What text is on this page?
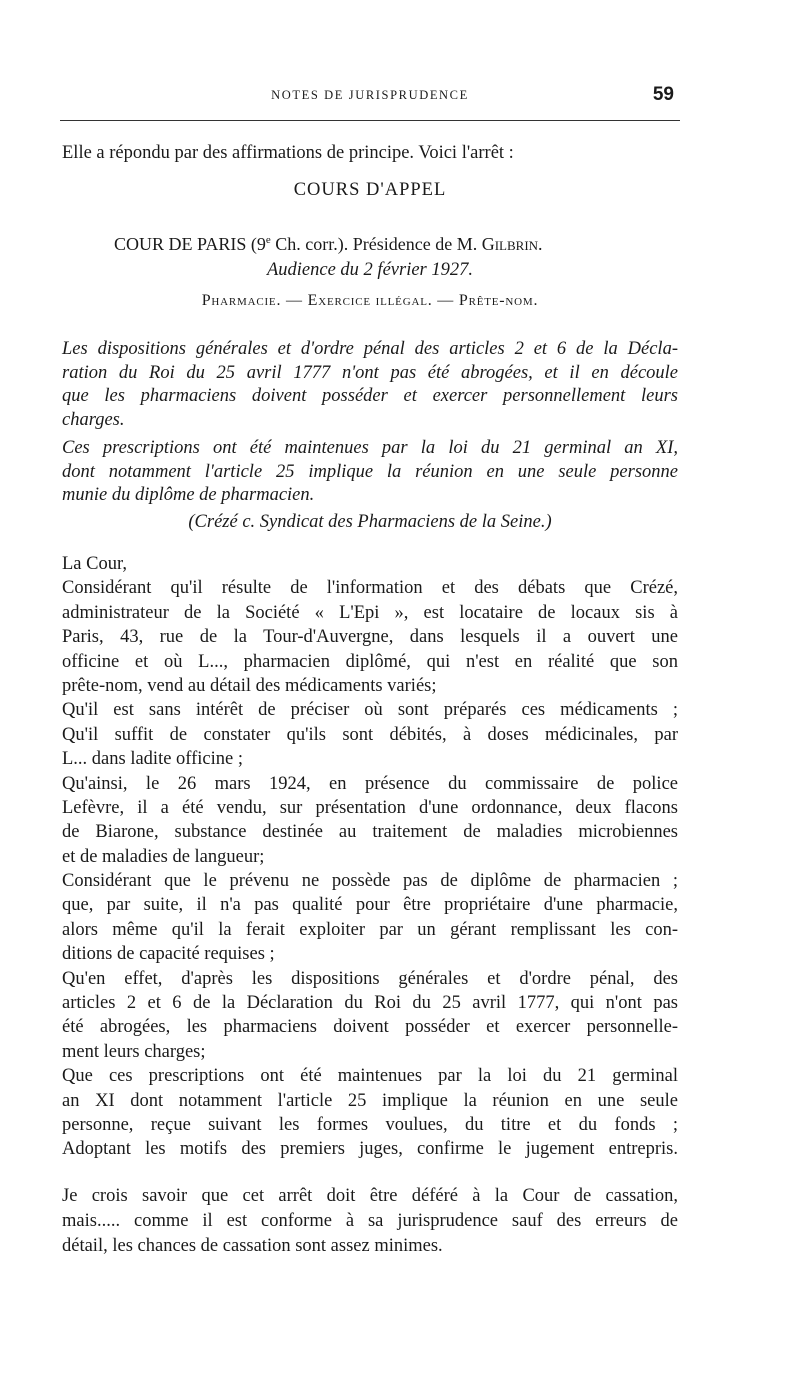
NOTES DE JURISPRUDENCE	59
Elle a répondu par des affirmations de principe. Voici l'arrêt :
COURS D'APPEL
COUR DE PARIS (9e Ch. corr.). Présidence de M. Gilbrin.
Audience du 2 février 1927.
Pharmacie. — Exercice illégal. — Prête-nom.
Les dispositions générales et d'ordre pénal des articles 2 et 6 de la Décla-
ration du Roi du 25 avril 1777 n'ont pas été abrogées, et il en découle
que les pharmaciens doivent posséder et exercer personnellement leurs
charges.
Ces prescriptions ont été maintenues par la loi du 21 germinal an XI,
dont notamment l'article 25 implique la réunion en une seule personne
munie du diplôme de pharmacien.
(Crézé c. Syndicat des Pharmaciens de la Seine.)
La Cour,
Considérant qu'il résulte de l'information et des débats que Crézé,
administrateur de la Société « L'Epi », est locataire de locaux sis à
Paris, 43, rue de la Tour-d'Auvergne, dans lesquels il a ouvert une
officine et où L..., pharmacien diplômé, qui n'est en réalité que son
prête-nom, vend au détail des médicaments variés;
Qu'il est sans intérêt de préciser où sont préparés ces médicaments ;
Qu'il suffit de constater qu'ils sont débités, à doses médicinales, par
L... dans ladite officine ;
Qu'ainsi, le 26 mars 1924, en présence du commissaire de police
Lefèvre, il a été vendu, sur présentation d'une ordonnance, deux flacons
de Biarone, substance destinée au traitement de maladies microbiennes
et de maladies de langueur;
Considérant que le prévenu ne possède pas de diplôme de pharmacien ;
que, par suite, il n'a pas qualité pour être propriétaire d'une pharmacie,
alors même qu'il la ferait exploiter par un gérant remplissant les con-
ditions de capacité requises ;
Qu'en effet, d'après les dispositions générales et d'ordre pénal, des
articles 2 et 6 de la Déclaration du Roi du 25 avril 1777, qui n'ont pas
été abrogées, les pharmaciens doivent posséder et exercer personnelle-
ment leurs charges;
Que ces prescriptions ont été maintenues par la loi du 21 germinal
an XI dont notamment l'article 25 implique la réunion en une seule
personne, reçue suivant les formes voulues, du titre et du fonds ;
Adoptant les motifs des premiers juges, confirme le jugement entrepris.
Je crois savoir que cet arrêt doit être déféré à la Cour de cassation,
mais..... comme il est conforme à sa jurisprudence sauf des erreurs de
détail, les chances de cassation sont assez minimes.
